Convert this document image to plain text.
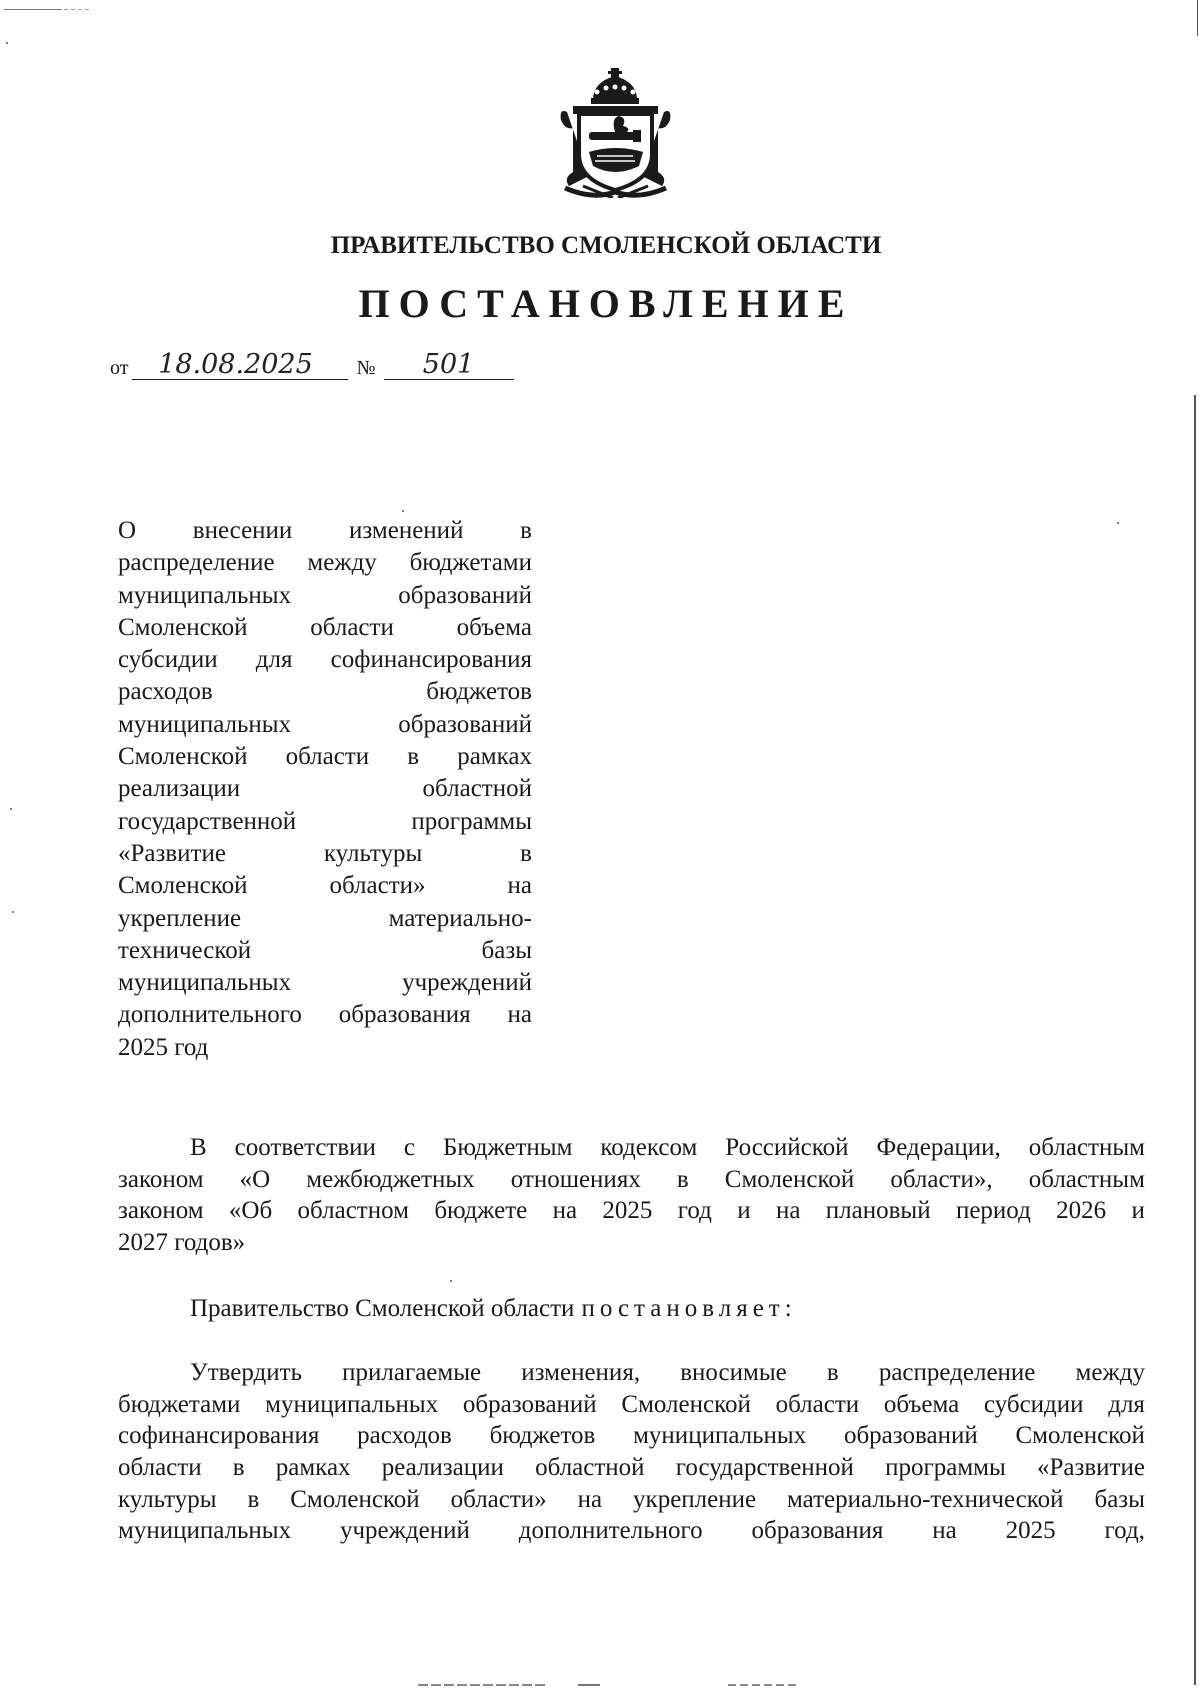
ПРАВИТЕЛЬСТВО СМОЛЕНСКОЙ ОБЛАСТИ
ПОСТАНОВЛЕНИЕ
от	18.08.2025	№	501
О внесении изменений в
распределение между бюджетами
муниципальных	образований
Смоленской	области	объема
субсидии для софинансирования
расходов	бюджетов
муниципальных	образований
Смоленской области в рамках
реализации	областной
государственной	программы
«Развитие	культуры	в
Смоленской	области»	на
укрепление	материально-
технической	базы
муниципальных	учреждений
дополнительного образования на
2025 год
В соответствии с Бюджетным кодексом Российской Федерации, областным
законом «О межбюджетных отношениях в Смоленской области», областным
законом «Об областном бюджете на 2025 год и на плановый период 2026 и
2027 годов»
Правительство Смоленской области постановляет:
Утвердить прилагаемые изменения, вносимые в распределение между
бюджетами муниципальных образований Смоленской области объема субсидии для
софинансирования расходов бюджетов муниципальных образований Смоленской
области в рамках реализации областной государственной программы «Развитие
культуры в Смоленской области» на укрепление материально-технической базы
муниципальных учреждений дополнительного образования на 2025 год,
